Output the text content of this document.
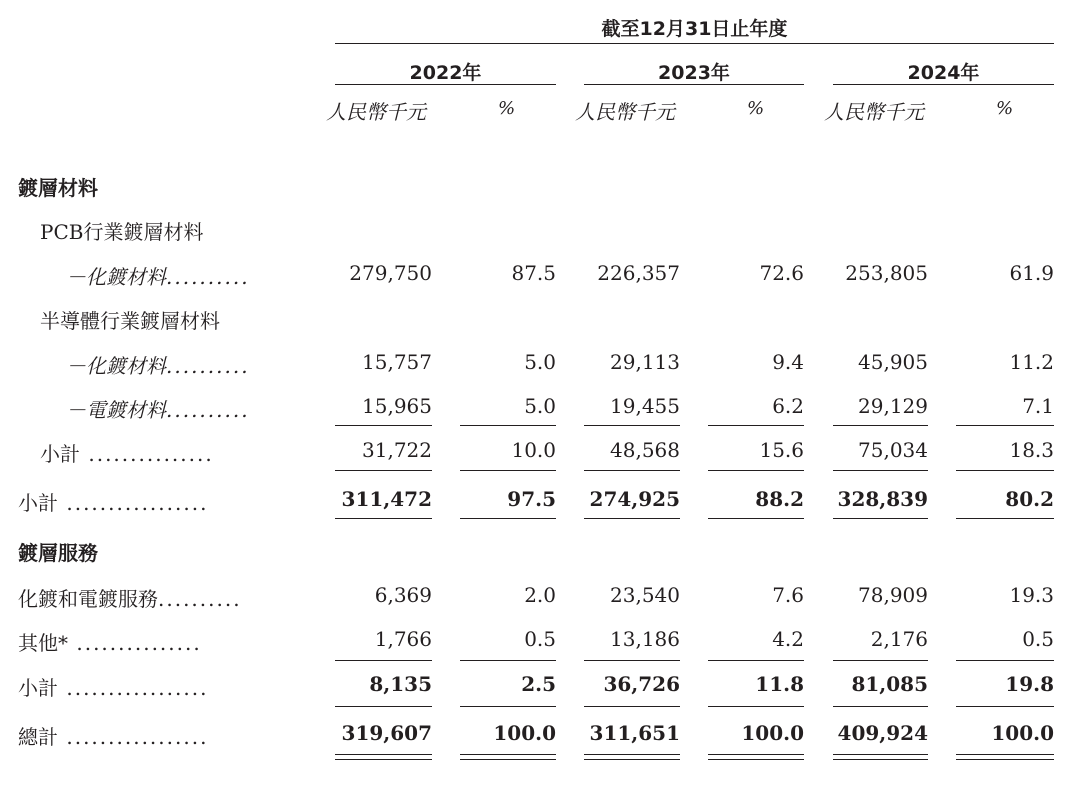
截至12月31日止年度
2022年	2023年	2024年
人民幣千元	%	人民幣千元	%	人民幣千元	%
鍍層材料
PCB行業鍍層材料
－化鍍材料..........	279,750	87.5	226,357	72.6	253,805	61.9
半導體行業鍍層材料
－化鍍材料..........	15,757	5.0	29,113	9.4	45,905	11.2
－電鍍材料..........	15,965	5.0	19,455	6.2	29,129	7.1
小計 ...............	31,722	10.0	48,568	15.6	75,034	18.3
小計 .................	311,472	97.5	274,925	88.2	328,839	80.2
鍍層服務
化鍍和電鍍服務..........	6,369	2.0	23,540	7.6	78,909	19.3
其他* ...............	1,766	0.5	13,186	4.2	2,176	0.5
小計 .................	8,135	2.5	36,726	11.8	81,085	19.8
總計 .................	319,607	100.0	311,651	100.0	409,924	100.0
